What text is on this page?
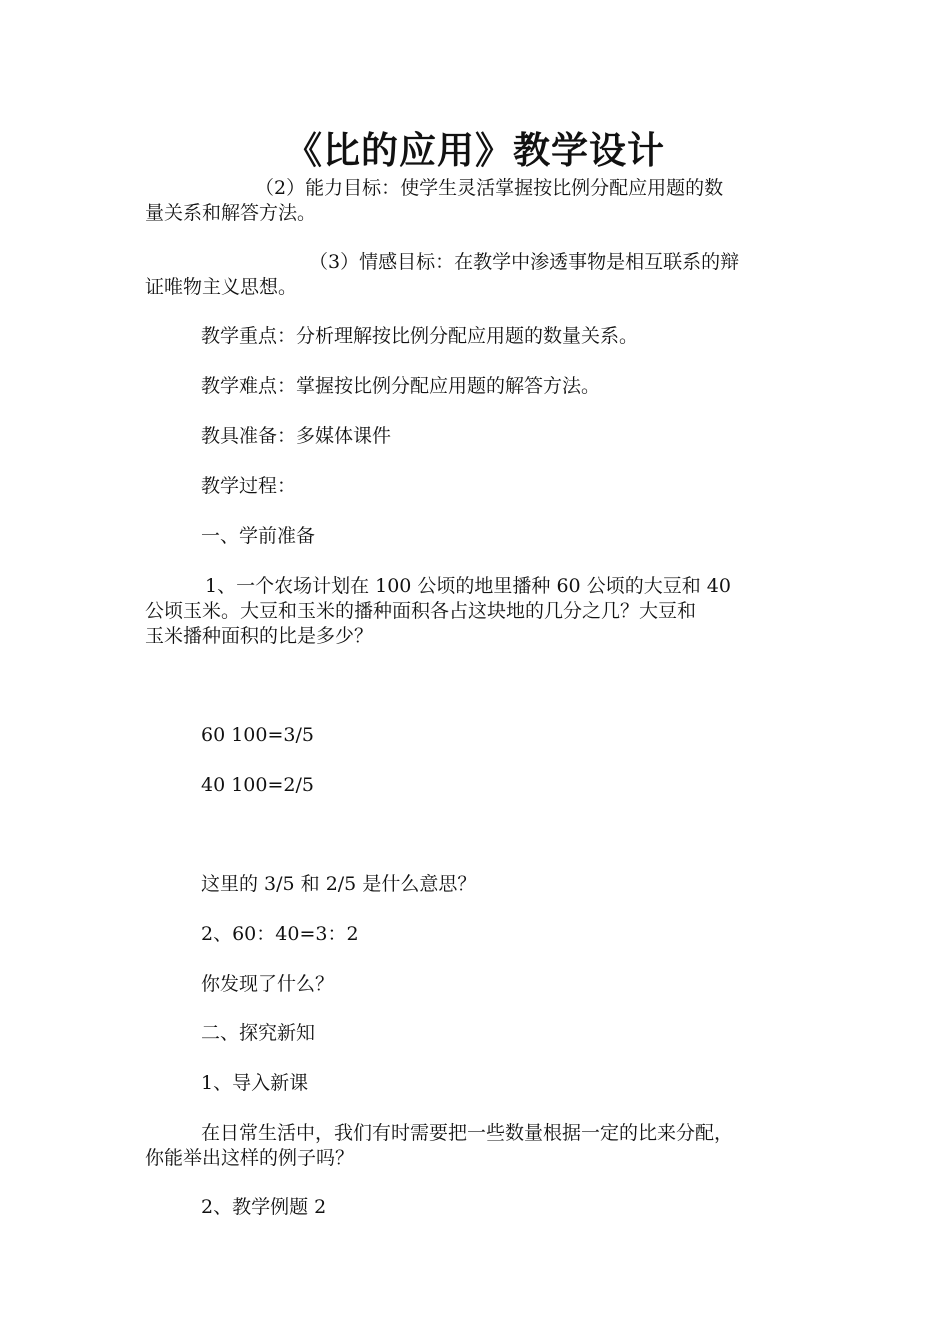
《比的应用》教学设计
（2）能力目标：使学生灵活掌握按比例分配应用题的数
量关系和解答方法。
（3）情感目标：在教学中渗透事物是相互联系的辩
证唯物主义思想。
教学重点：分析理解按比例分配应用题的数量关系。
教学难点：掌握按比例分配应用题的解答方法。
教具准备：多媒体课件
教学过程：
一、学前准备
1、一个农场计划在 100 公顷的地里播种 60 公顷的大豆和 40
公顷玉米。大豆和玉米的播种面积各占这块地的几分之几？大豆和
玉米播种面积的比是多少？
60 100=3/5
40 100=2/5
这里的 3/5 和 2/5 是什么意思？
2、60：40=3：2
你发现了什么？
二、探究新知
1、导入新课
在日常生活中，我们有时需要把一些数量根据一定的比来分配，
你能举出这样的例子吗？
2、教学例题 2
